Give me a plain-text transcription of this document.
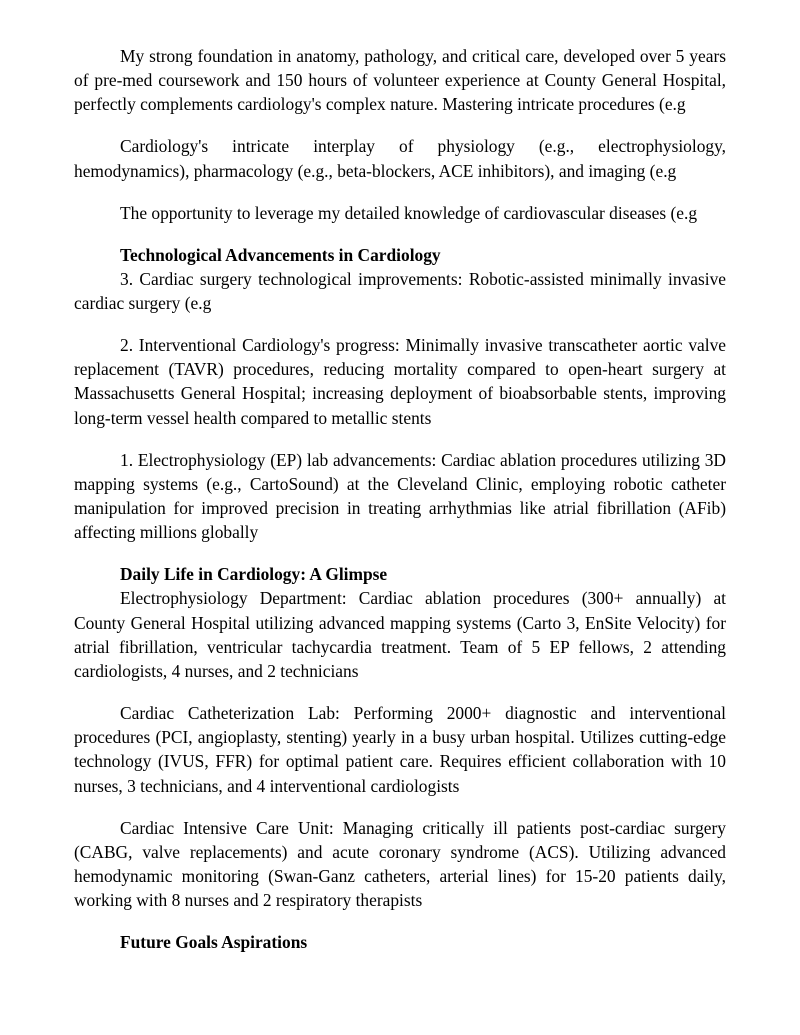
My strong foundation in anatomy, pathology, and critical care, developed over 5 years of pre-med coursework and 150 hours of volunteer experience at County General Hospital, perfectly complements cardiology's complex nature. Mastering intricate procedures (e.g

Cardiology's intricate interplay of physiology (e.g., electrophysiology, hemodynamics), pharmacology (e.g., beta-blockers, ACE inhibitors), and imaging (e.g

The opportunity to leverage my detailed knowledge of cardiovascular diseases (e.g

Technological Advancements in Cardiology

3. Cardiac surgery technological improvements: Robotic-assisted minimally invasive cardiac surgery (e.g

2. Interventional Cardiology's progress: Minimally invasive transcatheter aortic valve replacement (TAVR) procedures, reducing mortality compared to open-heart surgery at Massachusetts General Hospital; increasing deployment of bioabsorbable stents, improving long-term vessel health compared to metallic stents

1. Electrophysiology (EP) lab advancements: Cardiac ablation procedures utilizing 3D mapping systems (e.g., CartoSound) at the Cleveland Clinic, employing robotic catheter manipulation for improved precision in treating arrhythmias like atrial fibrillation (AFib) affecting millions globally

Daily Life in Cardiology: A Glimpse

Electrophysiology Department: Cardiac ablation procedures (300+ annually) at County General Hospital utilizing advanced mapping systems (Carto 3, EnSite Velocity) for atrial fibrillation, ventricular tachycardia treatment. Team of 5 EP fellows, 2 attending cardiologists, 4 nurses, and 2 technicians

Cardiac Catheterization Lab: Performing 2000+ diagnostic and interventional procedures (PCI, angioplasty, stenting) yearly in a busy urban hospital. Utilizes cutting-edge technology (IVUS, FFR) for optimal patient care. Requires efficient collaboration with 10 nurses, 3 technicians, and 4 interventional cardiologists

Cardiac Intensive Care Unit: Managing critically ill patients post-cardiac surgery (CABG, valve replacements) and acute coronary syndrome (ACS). Utilizing advanced hemodynamic monitoring (Swan-Ganz catheters, arterial lines) for 15-20 patients daily, working with 8 nurses and 2 respiratory therapists

Future Goals Aspirations
